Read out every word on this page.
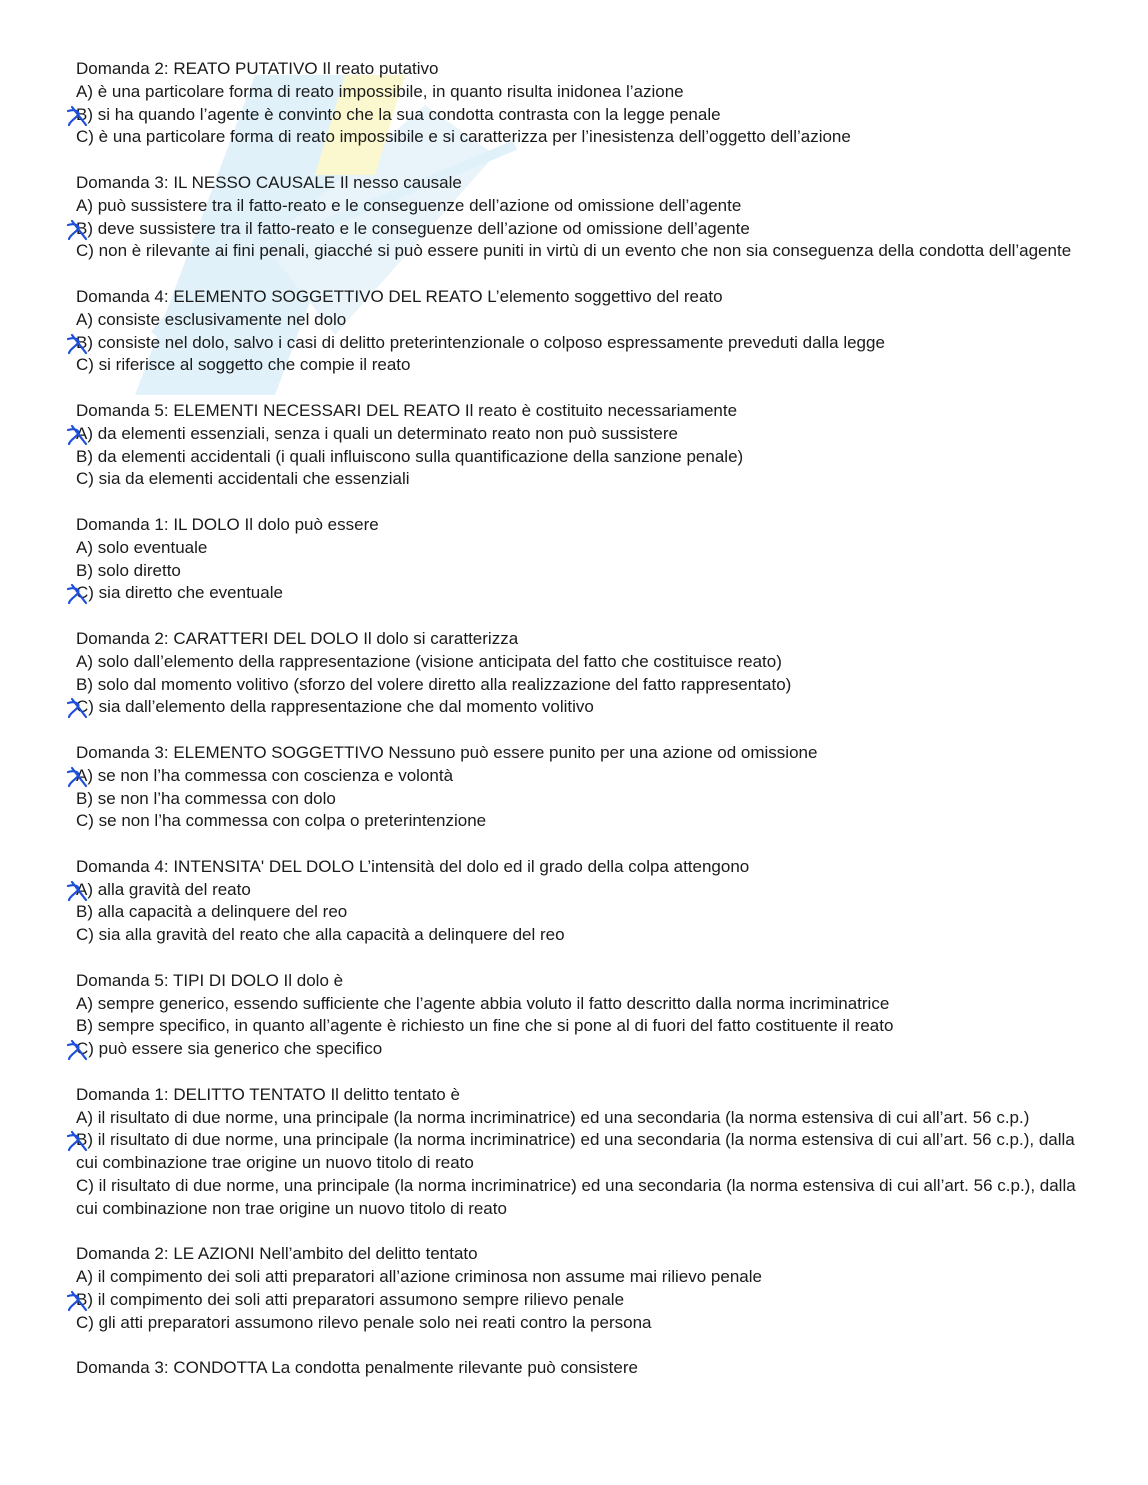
Domanda 2: REATO PUTATIVO Il reato putativo
A) è una particolare forma di reato impossibile, in quanto risulta inidonea l’azione
B) si ha quando l’agente è convinto che la sua condotta contrasta con la legge penale
C) è una particolare forma di reato impossibile e si caratterizza per l’inesistenza dell’oggetto dell’azione
Domanda 3: IL NESSO CAUSALE Il nesso causale
A) può sussistere tra il fatto-reato e le conseguenze dell’azione od omissione dell’agente
B) deve sussistere tra il fatto-reato e le conseguenze dell’azione od omissione dell’agente
C) non è rilevante ai fini penali, giacché si può essere puniti in virtù di un evento che non sia conseguenza della condotta dell’agente
Domanda 4: ELEMENTO SOGGETTIVO DEL REATO L’elemento soggettivo del reato
A) consiste esclusivamente nel dolo
B) consiste nel dolo, salvo i casi di delitto preterintenzionale o colposo espressamente preveduti dalla legge
C) si riferisce al soggetto che compie il reato
Domanda 5: ELEMENTI NECESSARI DEL REATO Il reato è costituito necessariamente
A) da elementi essenziali, senza i quali un determinato reato non può sussistere
B) da elementi accidentali (i quali influiscono sulla quantificazione della sanzione penale)
C) sia da elementi accidentali che essenziali
Domanda 1: IL DOLO Il dolo può essere
A) solo eventuale
B) solo diretto
C) sia diretto che eventuale
Domanda 2: CARATTERI DEL DOLO Il dolo si caratterizza
A) solo dall’elemento della rappresentazione (visione anticipata del fatto che costituisce reato)
B) solo dal momento volitivo (sforzo del volere diretto alla realizzazione del fatto rappresentato)
C) sia dall’elemento della rappresentazione che dal momento volitivo
Domanda 3: ELEMENTO SOGGETTIVO Nessuno può essere punito per una azione od omissione
A) se non l’ha commessa con coscienza e volontà
B) se non l’ha commessa con dolo
C) se non l’ha commessa con colpa o preterintenzione
Domanda 4: INTENSITA' DEL DOLO L’intensità del dolo ed il grado della colpa attengono
A) alla gravità del reato
B) alla capacità a delinquere del reo
C) sia alla gravità del reato che alla capacità a delinquere del reo
Domanda 5: TIPI DI DOLO Il dolo è
A) sempre generico, essendo sufficiente che l’agente abbia voluto il fatto descritto dalla norma incriminatrice
B) sempre specifico, in quanto all’agente è richiesto un fine che si pone al di fuori del fatto costituente il reato
C) può essere sia generico che specifico
Domanda 1: DELITTO TENTATO Il delitto tentato è
A) il risultato di due norme, una principale (la norma incriminatrice) ed una secondaria (la norma estensiva di cui all’art. 56 c.p.)
B) il risultato di due norme, una principale (la norma incriminatrice) ed una secondaria (la norma estensiva di cui all’art. 56 c.p.), dalla cui combinazione trae origine un nuovo titolo di reato
C) il risultato di due norme, una principale (la norma incriminatrice) ed una secondaria (la norma estensiva di cui all’art. 56 c.p.), dalla cui combinazione non trae origine un nuovo titolo di reato
Domanda 2: LE AZIONI Nell’ambito del delitto tentato
A) il compimento dei soli atti preparatori all’azione criminosa non assume mai rilievo penale
B) il compimento dei soli atti preparatori assumono sempre rilievo penale
C) gli atti preparatori assumono rilevo penale solo nei reati contro la persona
Domanda 3: CONDOTTA La condotta penalmente rilevante può consistere
